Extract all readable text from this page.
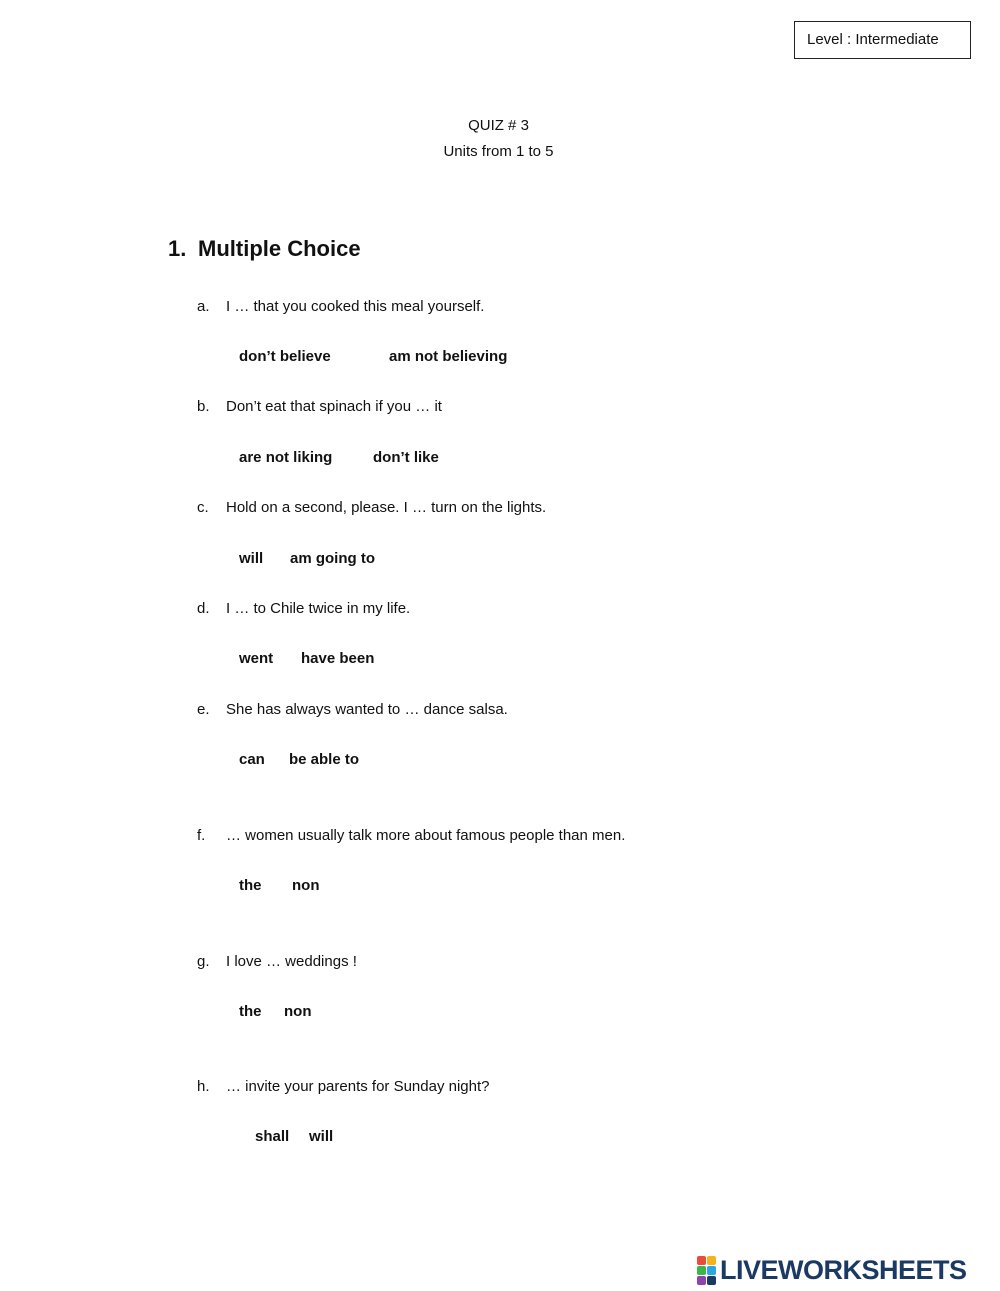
Level : Intermediate
QUIZ # 3
Units from 1 to 5
1. Multiple Choice
a. I … that you cooked this meal yourself.
don’t believe	am not believing
b. Don’t eat that spinach if you … it
are not liking	don’t like
c. Hold on a second, please. I … turn on the lights.
will am going to
d. I … to Chile twice in my life.
went have been
e. She has always wanted to … dance salsa.
can be able to
f. … women usually talk more about famous people than men.
the non
g. I love … weddings !
the non
h. … invite your parents for Sunday night?
shall will
LIVEWORKSHEETS
